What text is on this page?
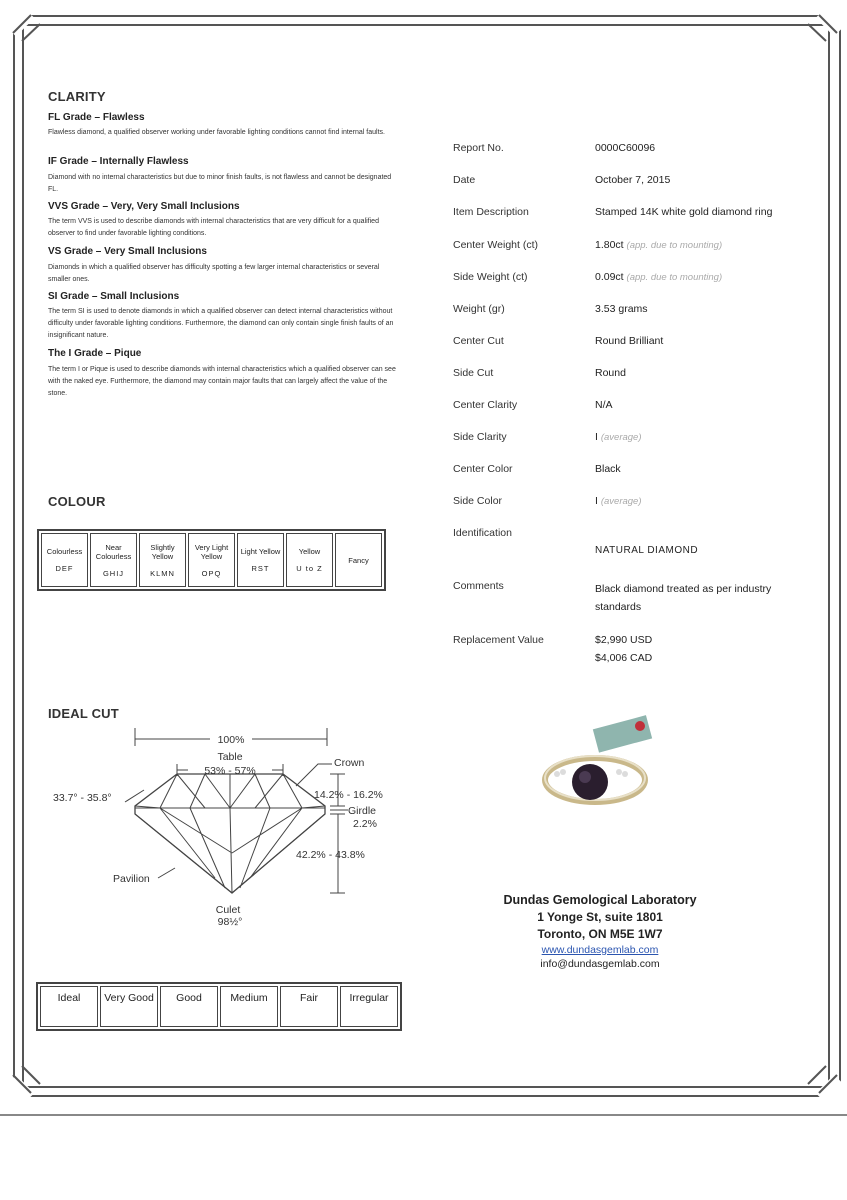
CLARITY
FL Grade – Flawless
Flawless diamond, a qualified observer working under favorable lighting conditions cannot find internal faults.
IF Grade – Internally Flawless
Diamond with no internal characteristics but due to minor finish faults, is not flawless and cannot be designated FL.
VVS Grade – Very, Very Small Inclusions
The term VVS is used to describe diamonds with internal characteristics that are very difficult for a qualified observer to find under favorable lighting conditions.
VS Grade – Very Small Inclusions
Diamonds in which a qualified observer has difficulty spotting a few larger internal characteristics or several smaller ones.
SI Grade – Small Inclusions
The term SI is used to denote diamonds in which a qualified observer can detect internal characteristics without difficulty under favorable lighting conditions. Furthermore, the diamond can only contain single finish faults of an insignificant nature.
The I Grade – Pique
The term I or Pique is used to describe diamonds with internal characteristics which a qualified observer can see with the naked eye. Furthermore, the diamond may contain major faults that can largely affect the value of the stone.
COLOUR
Colourless
DEF
	Near Colourless
GHIJ
	Slightly Yellow
KLMN
	Very Light Yellow
OPQ
	Light Yellow
RST
	Yellow
U to Z
	Fancy
IDEAL CUT
100%
Table
53% - 57%
Crown
33.7° - 35.8°	14.2% - 16.2%
Girdle
2.2%
42.2% - 43.8%
Pavilion
Culet
98½°
Ideal	Very Good	Good	Medium	Fair	Irregular
Report No.	0000C60096
Date	October 7, 2015
Item Description	Stamped 14K white gold diamond ring
Center Weight (ct)	1.80ct (app. due to mounting)
Side Weight (ct)	0.09ct (app. due to mounting)
Weight (gr)	3.53 grams
Center Cut	Round Brilliant
Side Cut	Round
Center Clarity	N/A
Side Clarity	I (average)
Center Color	Black
Side Color	I (average)
Identification
NATURAL DIAMOND
Comments	Black diamond treated as per industry standards
Replacement Value	$2,990 USD
$4,006 CAD
Dundas Gemological Laboratory
1 Yonge St, suite 1801
Toronto, ON M5E 1W7
www.dundasgemlab.com
info@dundasgemlab.com
